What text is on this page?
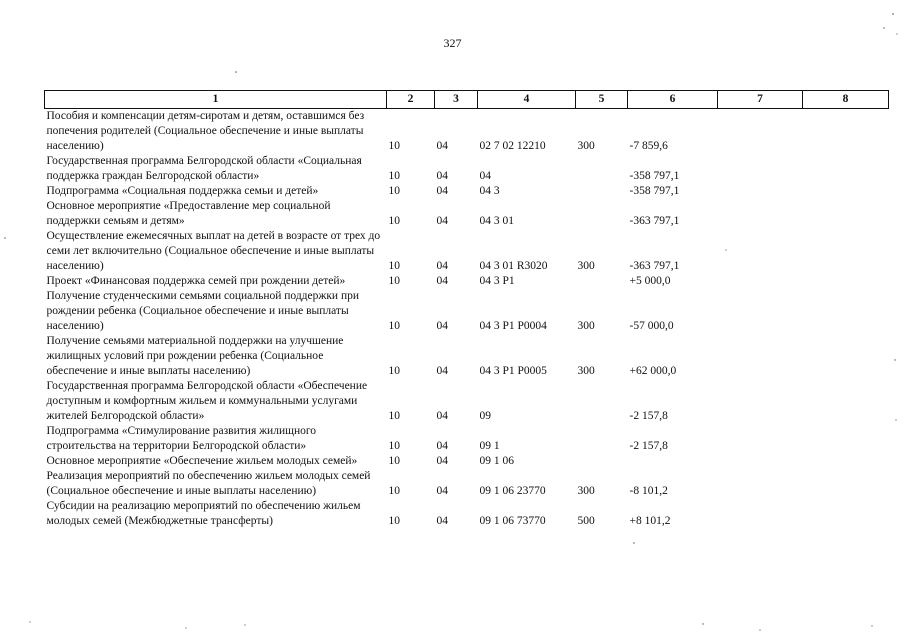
327
1	2	3	4	5	6	7	8
Пособия и компенсации детям-сиротам и детям, оставшимся без попечения родителей (Социальное обеспечение и иные выплаты населению)	10	04	02 7 02 12210	300	-7 859,6		
Государственная программа Белгородской области «Социальная поддержка граждан Белгородской области»	10	04	04		-358 797,1		
Подпрограмма «Социальная поддержка семьи и детей»	10	04	04 3		-358 797,1		
Основное мероприятие «Предоставление мер социальной поддержки семьям и детям»	10	04	04 3 01		-363 797,1		
Осуществление ежемесячных выплат на детей в возрасте от трех до семи лет включительно (Социальное обеспечение и иные выплаты населению)	10	04	04 3 01 R3020	300	-363 797,1		
Проект «Финансовая поддержка семей при рождении детей»	10	04	04 3 P1		+5 000,0		
Получение студенческими семьями социальной поддержки при рождении ребенка (Социальное обеспечение и иные выплаты населению)	10	04	04 3 P1 P0004	300	-57 000,0		
Получение семьями материальной поддержки на улучшение жилищных условий при рождении ребенка (Социальное обеспечение и иные выплаты населению)	10	04	04 3 P1 P0005	300	+62 000,0		
Государственная программа Белгородской области «Обеспечение доступным и комфортным жильем и коммунальными услугами жителей Белгородской области»	10	04	09		-2 157,8		
Подпрограмма «Стимулирование развития жилищного строительства на территории Белгородской области»	10	04	09 1		-2 157,8		
Основное мероприятие «Обеспечение жильем молодых семей»	10	04	09 1 06				
Реализация мероприятий по обеспечению жильем молодых семей (Социальное обеспечение и иные выплаты населению)	10	04	09 1 06 23770	300	-8 101,2		
Субсидии на реализацию мероприятий по обеспечению жильем молодых семей (Межбюджетные трансферты)	10	04	09 1 06 73770	500	+8 101,2		
